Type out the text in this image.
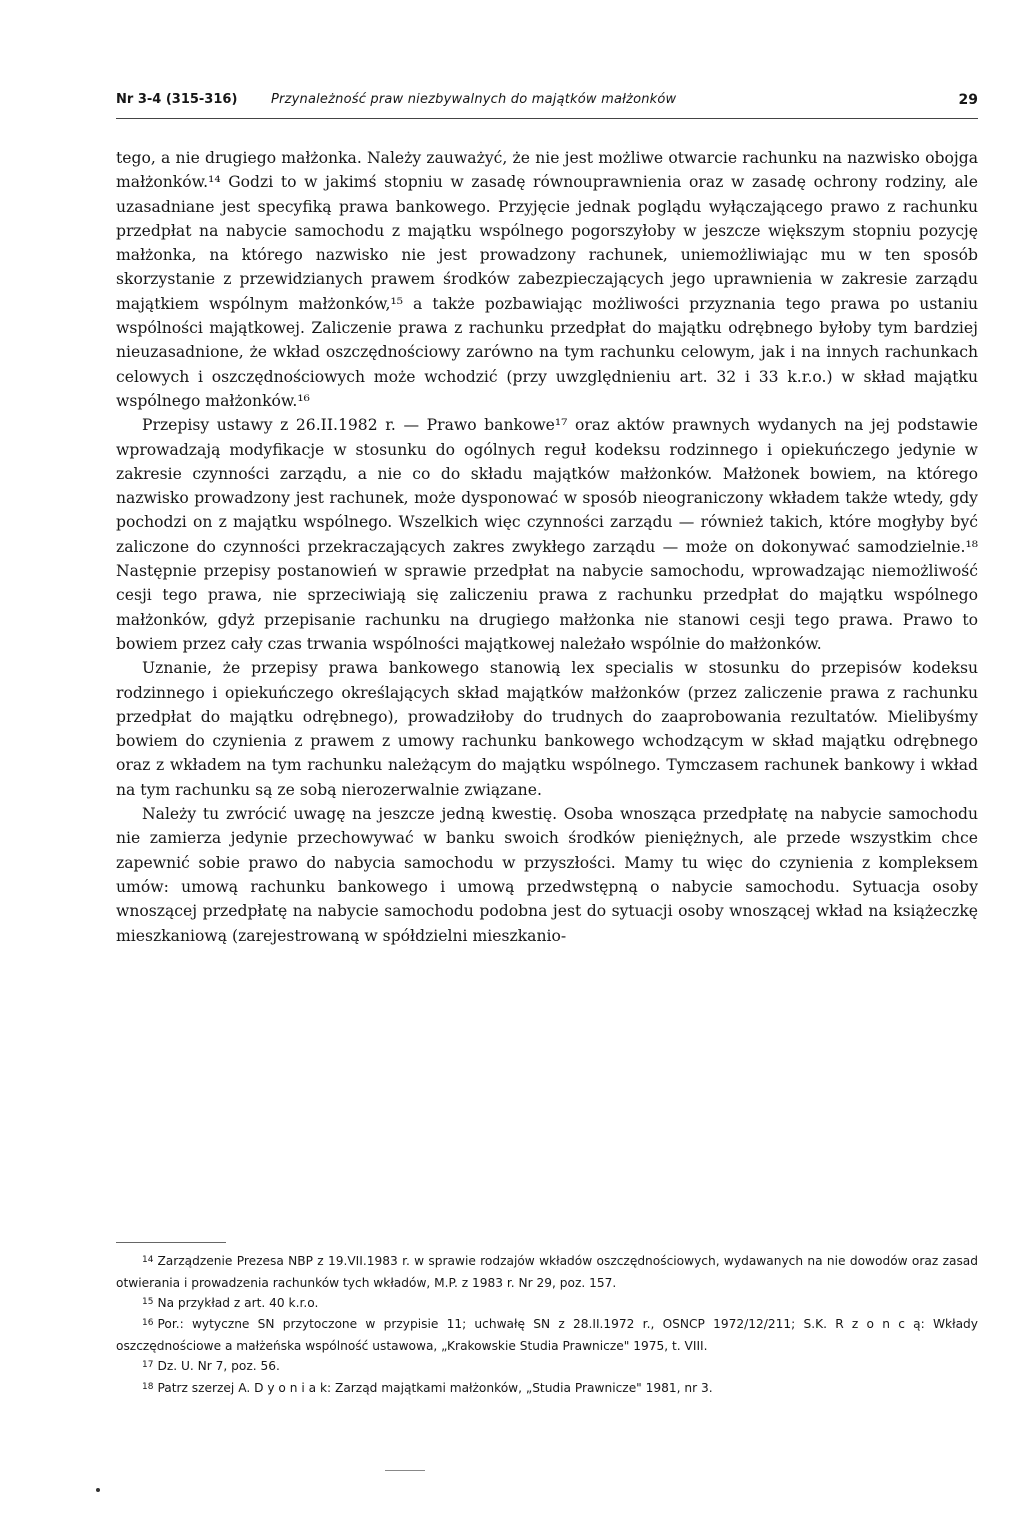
Nr 3-4 (315-316)	Przynależność praw niezbywalnych do majątków małżonków	29

tego, a nie drugiego małżonka. Należy zauważyć, że nie jest możliwe otwarcie rachunku na nazwisko obojga małżonków.¹⁴ Godzi to w jakimś stopniu w zasadę równouprawnienia oraz w zasadę ochrony rodziny, ale uzasadniane jest specyfiką prawa bankowego. Przyjęcie jednak poglądu wyłączającego prawo z rachunku przedpłat na nabycie samochodu z majątku wspólnego pogorszyłoby w jeszcze większym stopniu pozycję małżonka, na którego nazwisko nie jest prowadzony rachunek, uniemożliwiając mu w ten sposób skorzystanie z przewidzianych prawem środków zabezpieczających jego uprawnienia w zakresie zarządu majątkiem wspólnym małżonków,¹⁵ a także pozbawiając możliwości przyznania tego prawa po ustaniu wspólności majątkowej. Zaliczenie prawa z rachunku przedpłat do majątku odrębnego byłoby tym bardziej nieuzasadnione, że wkład oszczędnościowy zarówno na tym rachunku celowym, jak i na innych rachunkach celowych i oszczędnościowych może wchodzić (przy uwzględnieniu art. 32 i 33 k.r.o.) w skład majątku wspólnego małżonków.¹⁶

Przepisy ustawy z 26.II.1982 r. — Prawo bankowe¹⁷ oraz aktów prawnych wydanych na jej podstawie wprowadzają modyfikacje w stosunku do ogólnych reguł kodeksu rodzinnego i opiekuńczego jedynie w zakresie czynności zarządu, a nie co do składu majątków małżonków. Małżonek bowiem, na którego nazwisko prowadzony jest rachunek, może dysponować w sposób nieograniczony wkładem także wtedy, gdy pochodzi on z majątku wspólnego. Wszelkich więc czynności zarządu — również takich, które mogłyby być zaliczone do czynności przekraczających zakres zwykłego zarządu — może on dokonywać samodzielnie.¹⁸ Następnie przepisy postanowień w sprawie przedpłat na nabycie samochodu, wprowadzając niemożliwość cesji tego prawa, nie sprzeciwiają się zaliczeniu prawa z rachunku przedpłat do majątku wspólnego małżonków, gdyż przepisanie rachunku na drugiego małżonka nie stanowi cesji tego prawa. Prawo to bowiem przez cały czas trwania wspólności majątkowej należało wspólnie do małżonków.

Uznanie, że przepisy prawa bankowego stanowią lex specialis w stosunku do przepisów kodeksu rodzinnego i opiekuńczego określających skład majątków małżonków (przez zaliczenie prawa z rachunku przedpłat do majątku odrębnego), prowadziłoby do trudnych do zaaprobowania rezultatów. Mielibyśmy bowiem do czynienia z prawem z umowy rachunku bankowego wchodzącym w skład majątku odrębnego oraz z wkładem na tym rachunku należącym do majątku wspólnego. Tymczasem rachunek bankowy i wkład na tym rachunku są ze sobą nierozerwalnie związane.

Należy tu zwrócić uwagę na jeszcze jedną kwestię. Osoba wnosząca przedpłatę na nabycie samochodu nie zamierza jedynie przechowywać w banku swoich środków pieniężnych, ale przede wszystkim chce zapewnić sobie prawo do nabycia samochodu w przyszłości. Mamy tu więc do czynienia z kompleksem umów: umową rachunku bankowego i umową przedwstępną o nabycie samochodu. Sytuacja osoby wnoszącej przedpłatę na nabycie samochodu podobna jest do sytuacji osoby wnoszącej wkład na książeczkę mieszkaniową (zarejestrowaną w spółdzielni mieszkanio-

$^{14}$ Zarządzenie Prezesa NBP z 19.VII.1983 r. w sprawie rodzajów wkładów oszczędnościowych, wydawanych na nie dowodów oraz zasad otwierania i prowadzenia rachunków tych wkładów, M.P. z 1983 r. Nr 29, poz. 157.

$^{15}$ Na przykład z art. 40 k.r.o.

$^{16}$ Por.: wytyczne SN przytoczone w przypisie 11; uchwałę SN z 28.II.1972 r., OSNCP 1972/12/211; S.K. R z o n c ą: Wkłady oszczędnościowe a małżeńska wspólność ustawowa, „Krakowskie Studia Prawnicze" 1975, t. VIII.

$^{17}$ Dz. U. Nr 7, poz. 56.

$^{18}$ Patrz szerzej A. D y o n i a k: Zarząd majątkami małżonków, „Studia Prawnicze" 1981, nr 3.
